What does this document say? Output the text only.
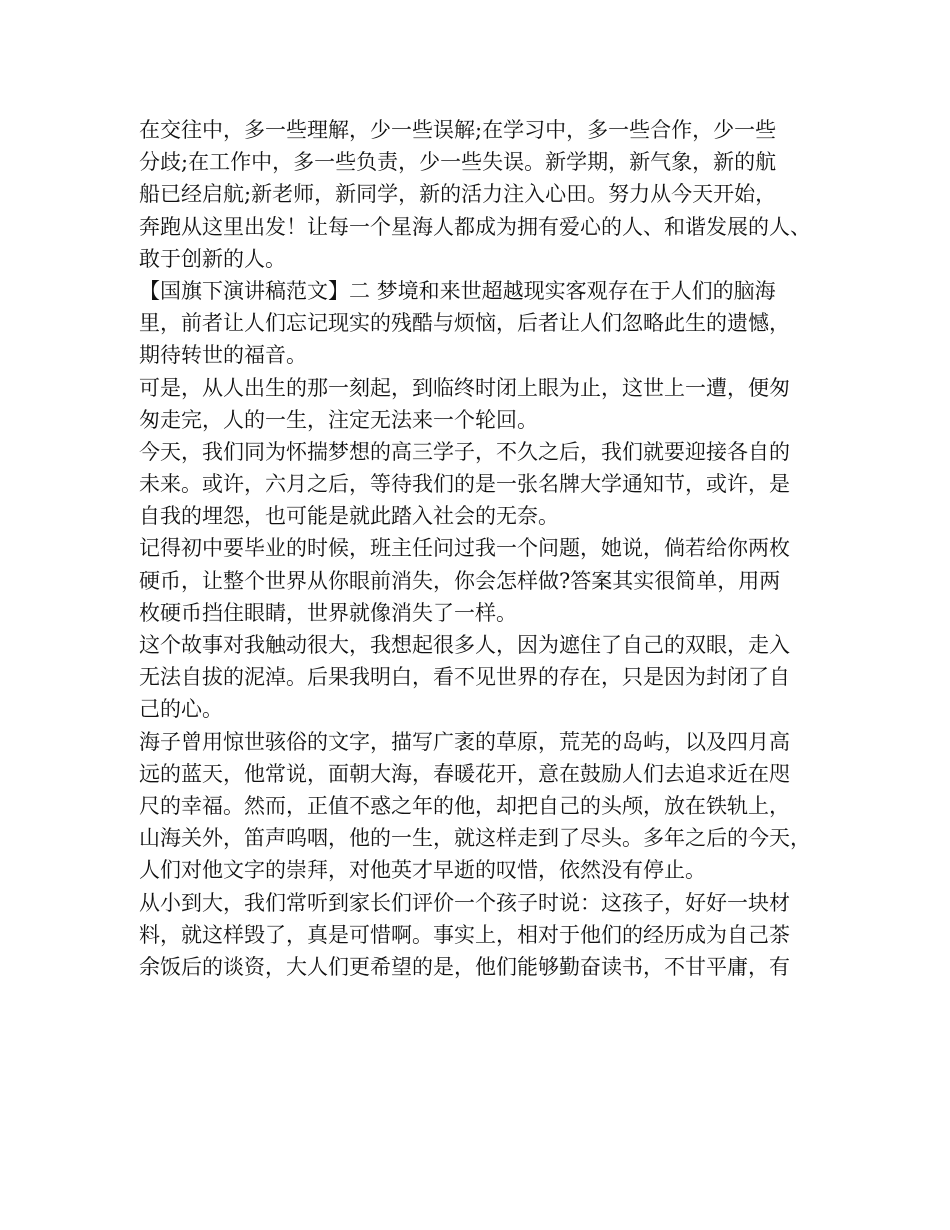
在交往中，多一些理解，少一些误解;在学习中，多一些合作，少一些
分歧;在工作中，多一些负责，少一些失误。新学期，新气象，新的航
船已经启航;新老师，新同学，新的活力注入心田。努力从今天开始，
奔跑从这里出发！让每一个星海人都成为拥有爱心的人、和谐发展的人、
敢于创新的人。
【国旗下演讲稿范文】二 梦境和来世超越现实客观存在于人们的脑海
里，前者让人们忘记现实的残酷与烦恼，后者让人们忽略此生的遗憾，
期待转世的福音。
可是，从人出生的那一刻起，到临终时闭上眼为止，这世上一遭，便匆
匆走完，人的一生，注定无法来一个轮回。
今天，我们同为怀揣梦想的高三学子，不久之后，我们就要迎接各自的
未来。或许，六月之后，等待我们的是一张名牌大学通知节，或许，是
自我的埋怨，也可能是就此踏入社会的无奈。
记得初中要毕业的时候，班主任问过我一个问题，她说，倘若给你两枚
硬币，让整个世界从你眼前消失，你会怎样做?答案其实很简单，用两
枚硬币挡住眼睛，世界就像消失了一样。
这个故事对我触动很大，我想起很多人，因为遮住了自己的双眼，走入
无法自拔的泥淖。后果我明白，看不见世界的存在，只是因为封闭了自
己的心。
海子曾用惊世骇俗的文字，描写广袤的草原，荒芜的岛屿，以及四月高
远的蓝天，他常说，面朝大海，春暖花开，意在鼓励人们去追求近在咫
尺的幸福。然而，正值不惑之年的他，却把自己的头颅，放在铁轨上，
山海关外，笛声呜咽，他的一生，就这样走到了尽头。多年之后的今天，
人们对他文字的崇拜，对他英才早逝的叹惜，依然没有停止。
从小到大，我们常听到家长们评价一个孩子时说：这孩子，好好一块材
料，就这样毁了，真是可惜啊。事实上，相对于他们的经历成为自己茶
余饭后的谈资，大人们更希望的是，他们能够勤奋读书，不甘平庸，有
